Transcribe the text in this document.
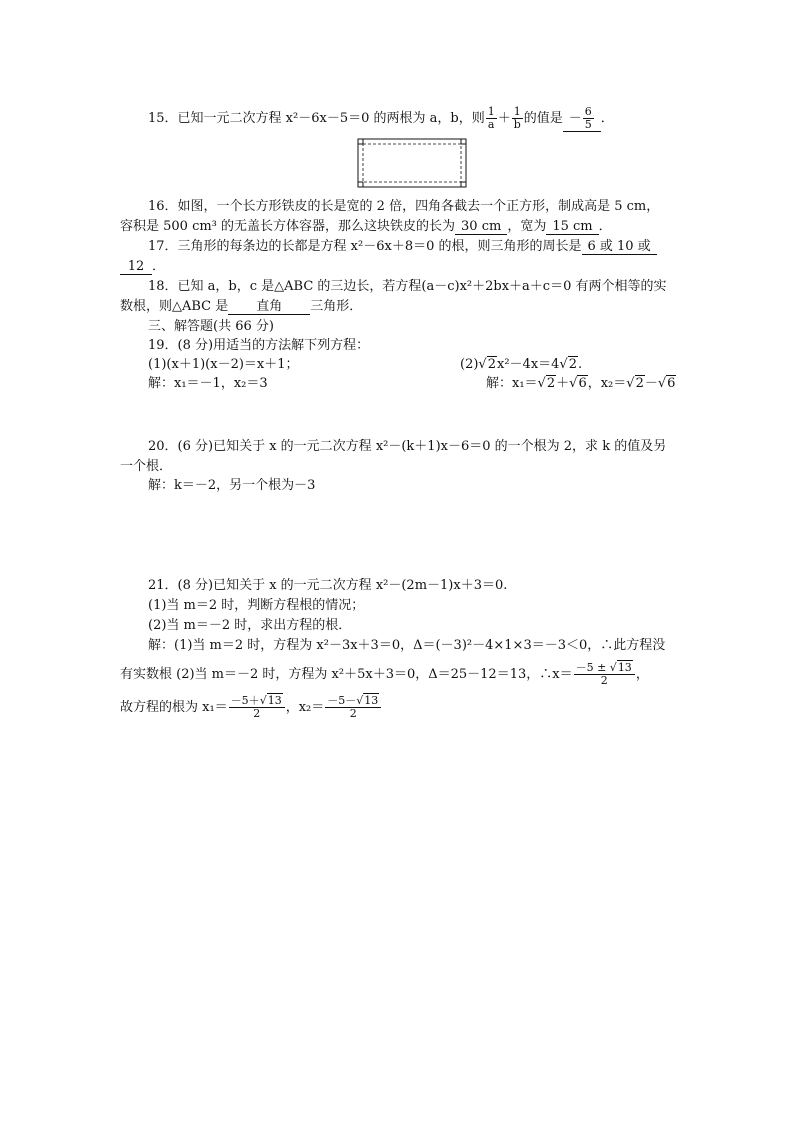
15．已知一元二次方程 x²－6x－5＝0 的两根为 a，b，则 $\frac{1}{a} + \frac{1}{b}$ 的值是 － $\frac{6}{5}$ ．
16．如图，一个长方形铁皮的长是宽的 2 倍，四角各截去一个正方形，制成高是 5 cm，
容积是 500 cm³ 的无盖长方体容器，那么这块铁皮的长为 30 cm ，宽为 15 cm ．
17．三角形的每条边的长都是方程 x²－6x＋8＝0 的根，则三角形的周长是 6 或 10 或
12 ．
18．已知 a，b，c 是△ABC 的三边长，若方程(a－c)x²＋2bx＋a＋c＝0 有两个相等的实
数根，则△ABC 是 直角 三角形．
三、解答题(共 66 分)
19．(8 分)用适当的方法解下列方程：
(1)(x＋1)(x－2)＝x＋1；	(2)√2x²－4x＝4√2.
解：x₁＝－1，x₂＝3	解：x₁＝√2＋√6，x₂＝√2－√6
20．(6 分)已知关于 x 的一元二次方程 x²－(k＋1)x－6＝0 的一个根为 2，求 k 的值及另
一个根．
解：k＝－2，另一个根为－3
21．(8 分)已知关于 x 的一元二次方程 x²－(2m－1)x＋3＝0.
(1)当 m＝2 时，判断方程根的情况；
(2)当 m＝－2 时，求出方程的根．
解：(1)当 m＝2 时，方程为 x²－3x＋3＝0，Δ＝(－3)²－4×1×3＝－3＜0，∴此方程没
有实数根 (2)当 m＝－2 时，方程为 x²＋5x＋3＝0，Δ＝25－12＝13，∴x＝ $\frac{-5 \pm √13}{2}$ ，
故方程的根为 $x_1= \frac{-5+√13}{2}$ ，$x_2= \frac{-5-√13}{2}$
